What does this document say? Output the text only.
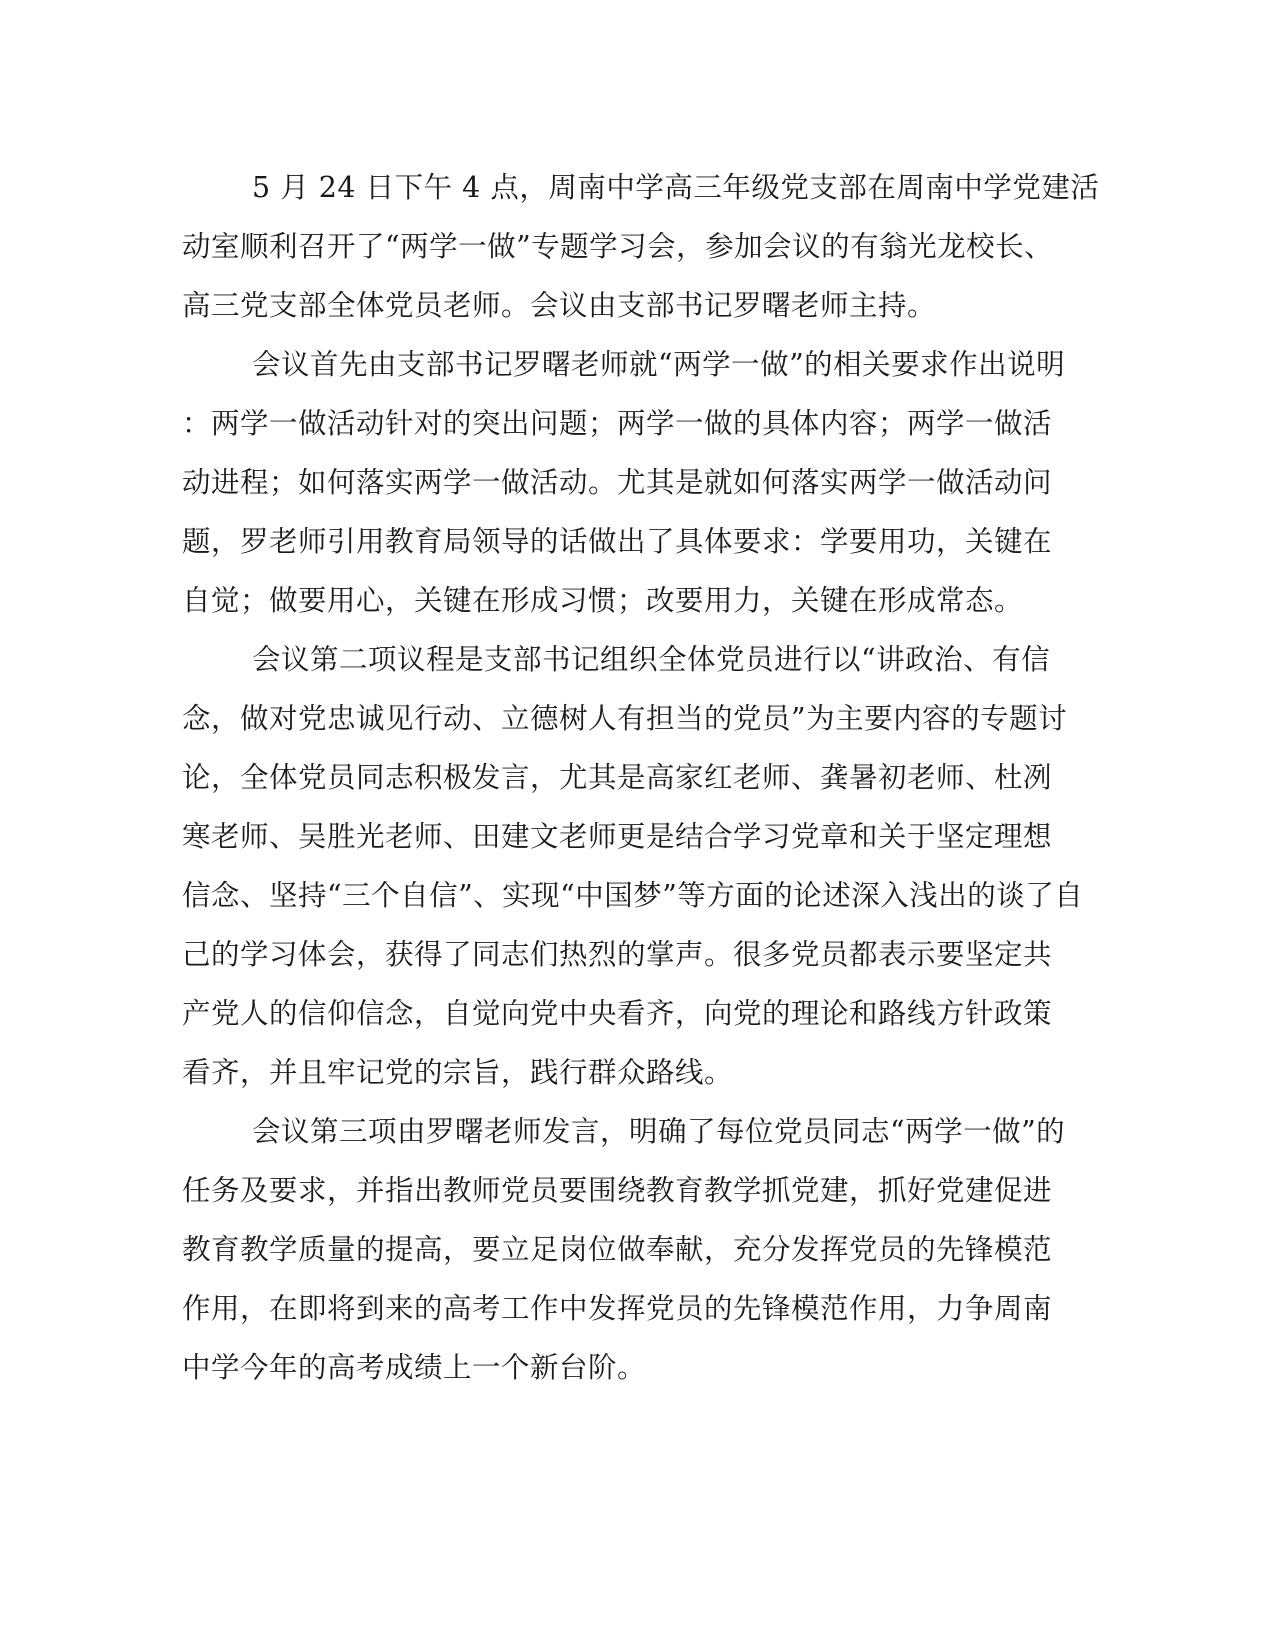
5 月 24 日下午 4 点，周南中学高三年级党支部在周南中学党建活
动室顺利召开了“两学一做”专题学习会，参加会议的有翁光龙校长、
高三党支部全体党员老师。会议由支部书记罗曙老师主持。
会议首先由支部书记罗曙老师就“两学一做”的相关要求作出说明
：两学一做活动针对的突出问题；两学一做的具体内容；两学一做活
动进程；如何落实两学一做活动。尤其是就如何落实两学一做活动问
题，罗老师引用教育局领导的话做出了具体要求：学要用功，关键在
自觉；做要用心，关键在形成习惯；改要用力，关键在形成常态。
会议第二项议程是支部书记组织全体党员进行以“讲政治、有信
念，做对党忠诚见行动、立德树人有担当的党员”为主要内容的专题讨
论，全体党员同志积极发言，尤其是高家红老师、龚暑初老师、杜冽
寒老师、吴胜光老师、田建文老师更是结合学习党章和关于坚定理想
信念、坚持“三个自信”、实现“中国梦”等方面的论述深入浅出的谈了自
己的学习体会，获得了同志们热烈的掌声。很多党员都表示要坚定共
产党人的信仰信念，自觉向党中央看齐，向党的理论和路线方针政策
看齐，并且牢记党的宗旨，践行群众路线。
会议第三项由罗曙老师发言，明确了每位党员同志“两学一做”的
任务及要求，并指出教师党员要围绕教育教学抓党建，抓好党建促进
教育教学质量的提高，要立足岗位做奉献，充分发挥党员的先锋模范
作用，在即将到来的高考工作中发挥党员的先锋模范作用，力争周南
中学今年的高考成绩上一个新台阶。
